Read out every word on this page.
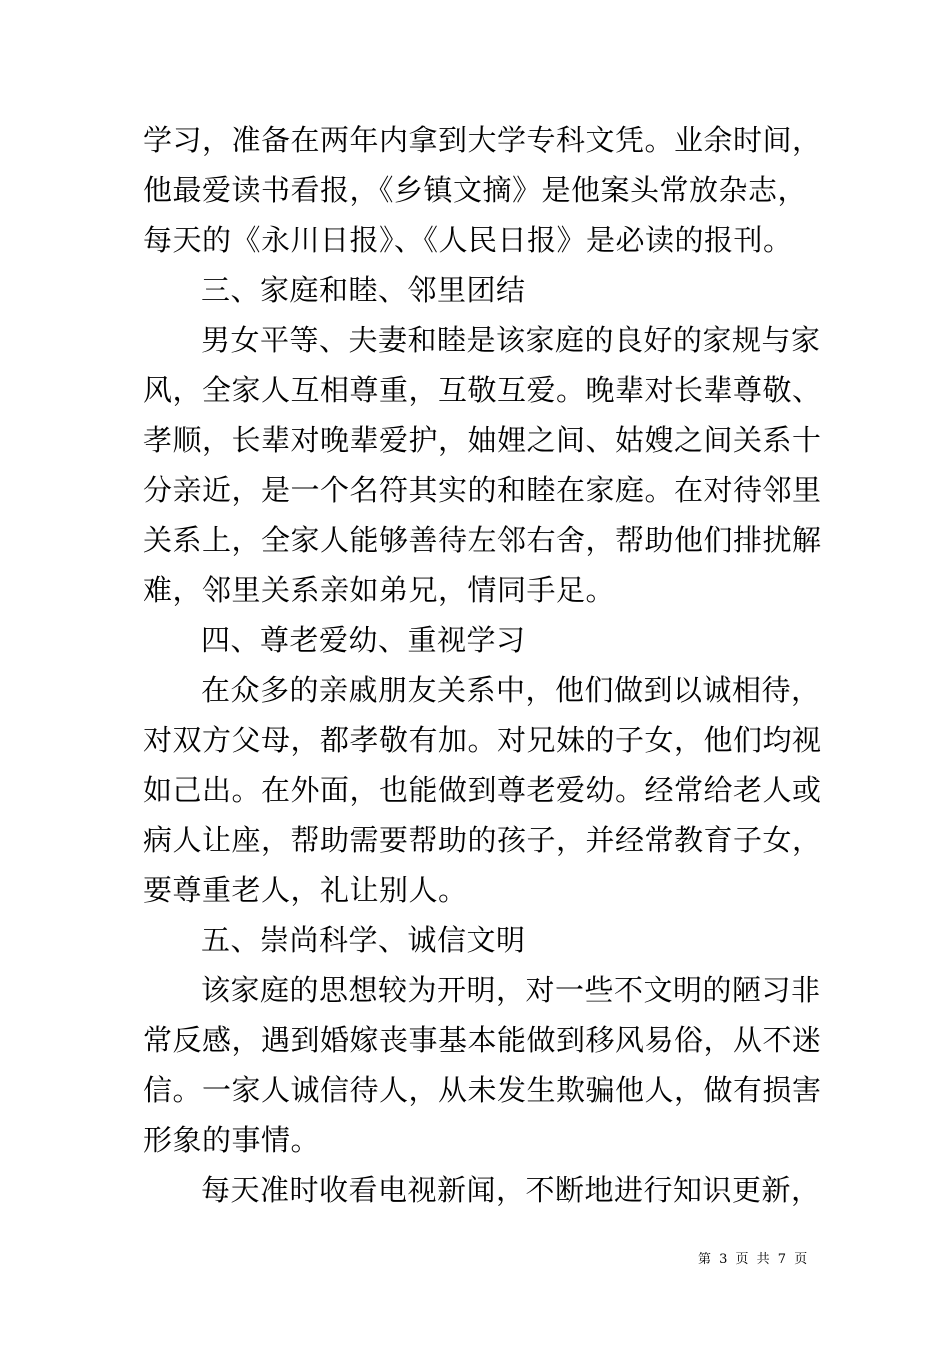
学习，准备在两年内拿到大学专科文凭。业余时间，
他最爱读书看报，《乡镇文摘》是他案头常放杂志，
每天的《永川日报》、《人民日报》是必读的报刊。
三、家庭和睦、邻里团结
男女平等、夫妻和睦是该家庭的良好的家规与家
风，全家人互相尊重，互敬互爱。晚辈对长辈尊敬、
孝顺，长辈对晚辈爱护，妯娌之间、姑嫂之间关系十
分亲近，是一个名符其实的和睦在家庭。在对待邻里
关系上，全家人能够善待左邻右舍，帮助他们排扰解
难，邻里关系亲如弟兄，情同手足。
四、尊老爱幼、重视学习
在众多的亲戚朋友关系中，他们做到以诚相待，
对双方父母，都孝敬有加。对兄妹的子女，他们均视
如己出。在外面，也能做到尊老爱幼。经常给老人或
病人让座，帮助需要帮助的孩子，并经常教育子女，
要尊重老人，礼让别人。
五、崇尚科学、诚信文明
该家庭的思想较为开明，对一些不文明的陋习非
常反感，遇到婚嫁丧事基本能做到移风易俗，从不迷
信。一家人诚信待人，从未发生欺骗他人，做有损害
形象的事情。
每天准时收看电视新闻，不断地进行知识更新，
第 3 页 共 7 页
